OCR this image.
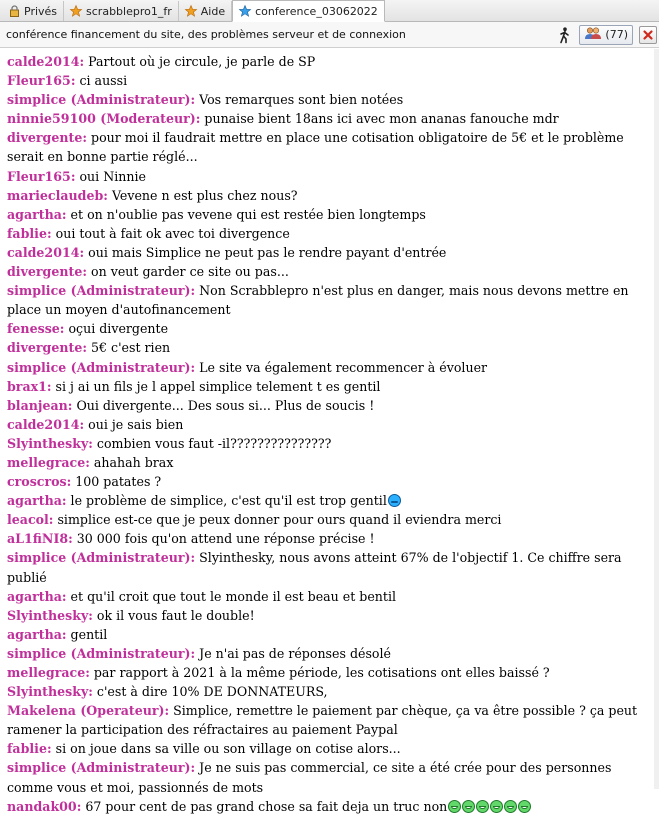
Privés	scrabblepro1_fr	Aide	conference_03062022
conférence financement du site, des problèmes serveur et de connexion	(77)
calde2014: Partout où je circule, je parle de SP
Fleur165: ci aussi
simplice (Administrateur): Vos remarques sont bien notées
ninnie59100 (Moderateur): punaise bient 18ans ici avec mon ananas fanouche mdr
divergente: pour moi il faudrait mettre en place une cotisation obligatoire de 5€ et le problème serait en bonne partie réglé...
Fleur165: oui Ninnie
marieclaudeb: Vevene n est plus chez nous?
agartha: et on n'oublie pas vevene qui est restée bien longtemps
fablie: oui tout à fait ok avec toi divergence
calde2014: oui mais Simplice ne peut pas le rendre payant d'entrée
divergente: on veut garder ce site ou pas...
simplice (Administrateur): Non Scrabblepro n'est plus en danger, mais nous devons mettre en place un moyen d'autofinancement
fenesse: oçui divergente
divergente: 5€ c'est rien
simplice (Administrateur): Le site va également recommencer à évoluer
brax1: si j ai un fils je l appel simplice telement t es gentil
blanjean: Oui divergente... Des sous si... Plus de soucis !
calde2014: oui je sais bien
Slyinthesky: combien vous faut -il???????????????
mellegrace: ahahah brax
croscros: 100 patates ?
agartha: le problème de simplice, c'est qu'il est trop gentil
leacol: simplice est-ce que je peux donner pour ours quand il eviendra merci
aL1fiNI8: 30 000 fois qu'on attend une réponse précise !
simplice (Administrateur): Slyinthesky, nous avons atteint 67% de l'objectif 1. Ce chiffre sera publié
agartha: et qu'il croit que tout le monde il est beau et bentil
Slyinthesky: ok il vous faut le double!
agartha: gentil
simplice (Administrateur): Je n'ai pas de réponses désolé
mellegrace: par rapport à 2021 à la même période, les cotisations ont elles baissé ?
Slyinthesky: c'est à dire 10% DE DONNATEURS,
Makelena (Operateur): Simplice, remettre le paiement par chèque, ça va être possible ? ça peut ramener la participation des réfractaires au paiement Paypal
fablie: si on joue dans sa ville ou son village on cotise alors...
simplice (Administrateur): Je ne suis pas commercial, ce site a été crée pour des personnes comme vous et moi, passionnés de mots
nandak00: 67 pour cent de pas grand chose sa fait deja un truc non
